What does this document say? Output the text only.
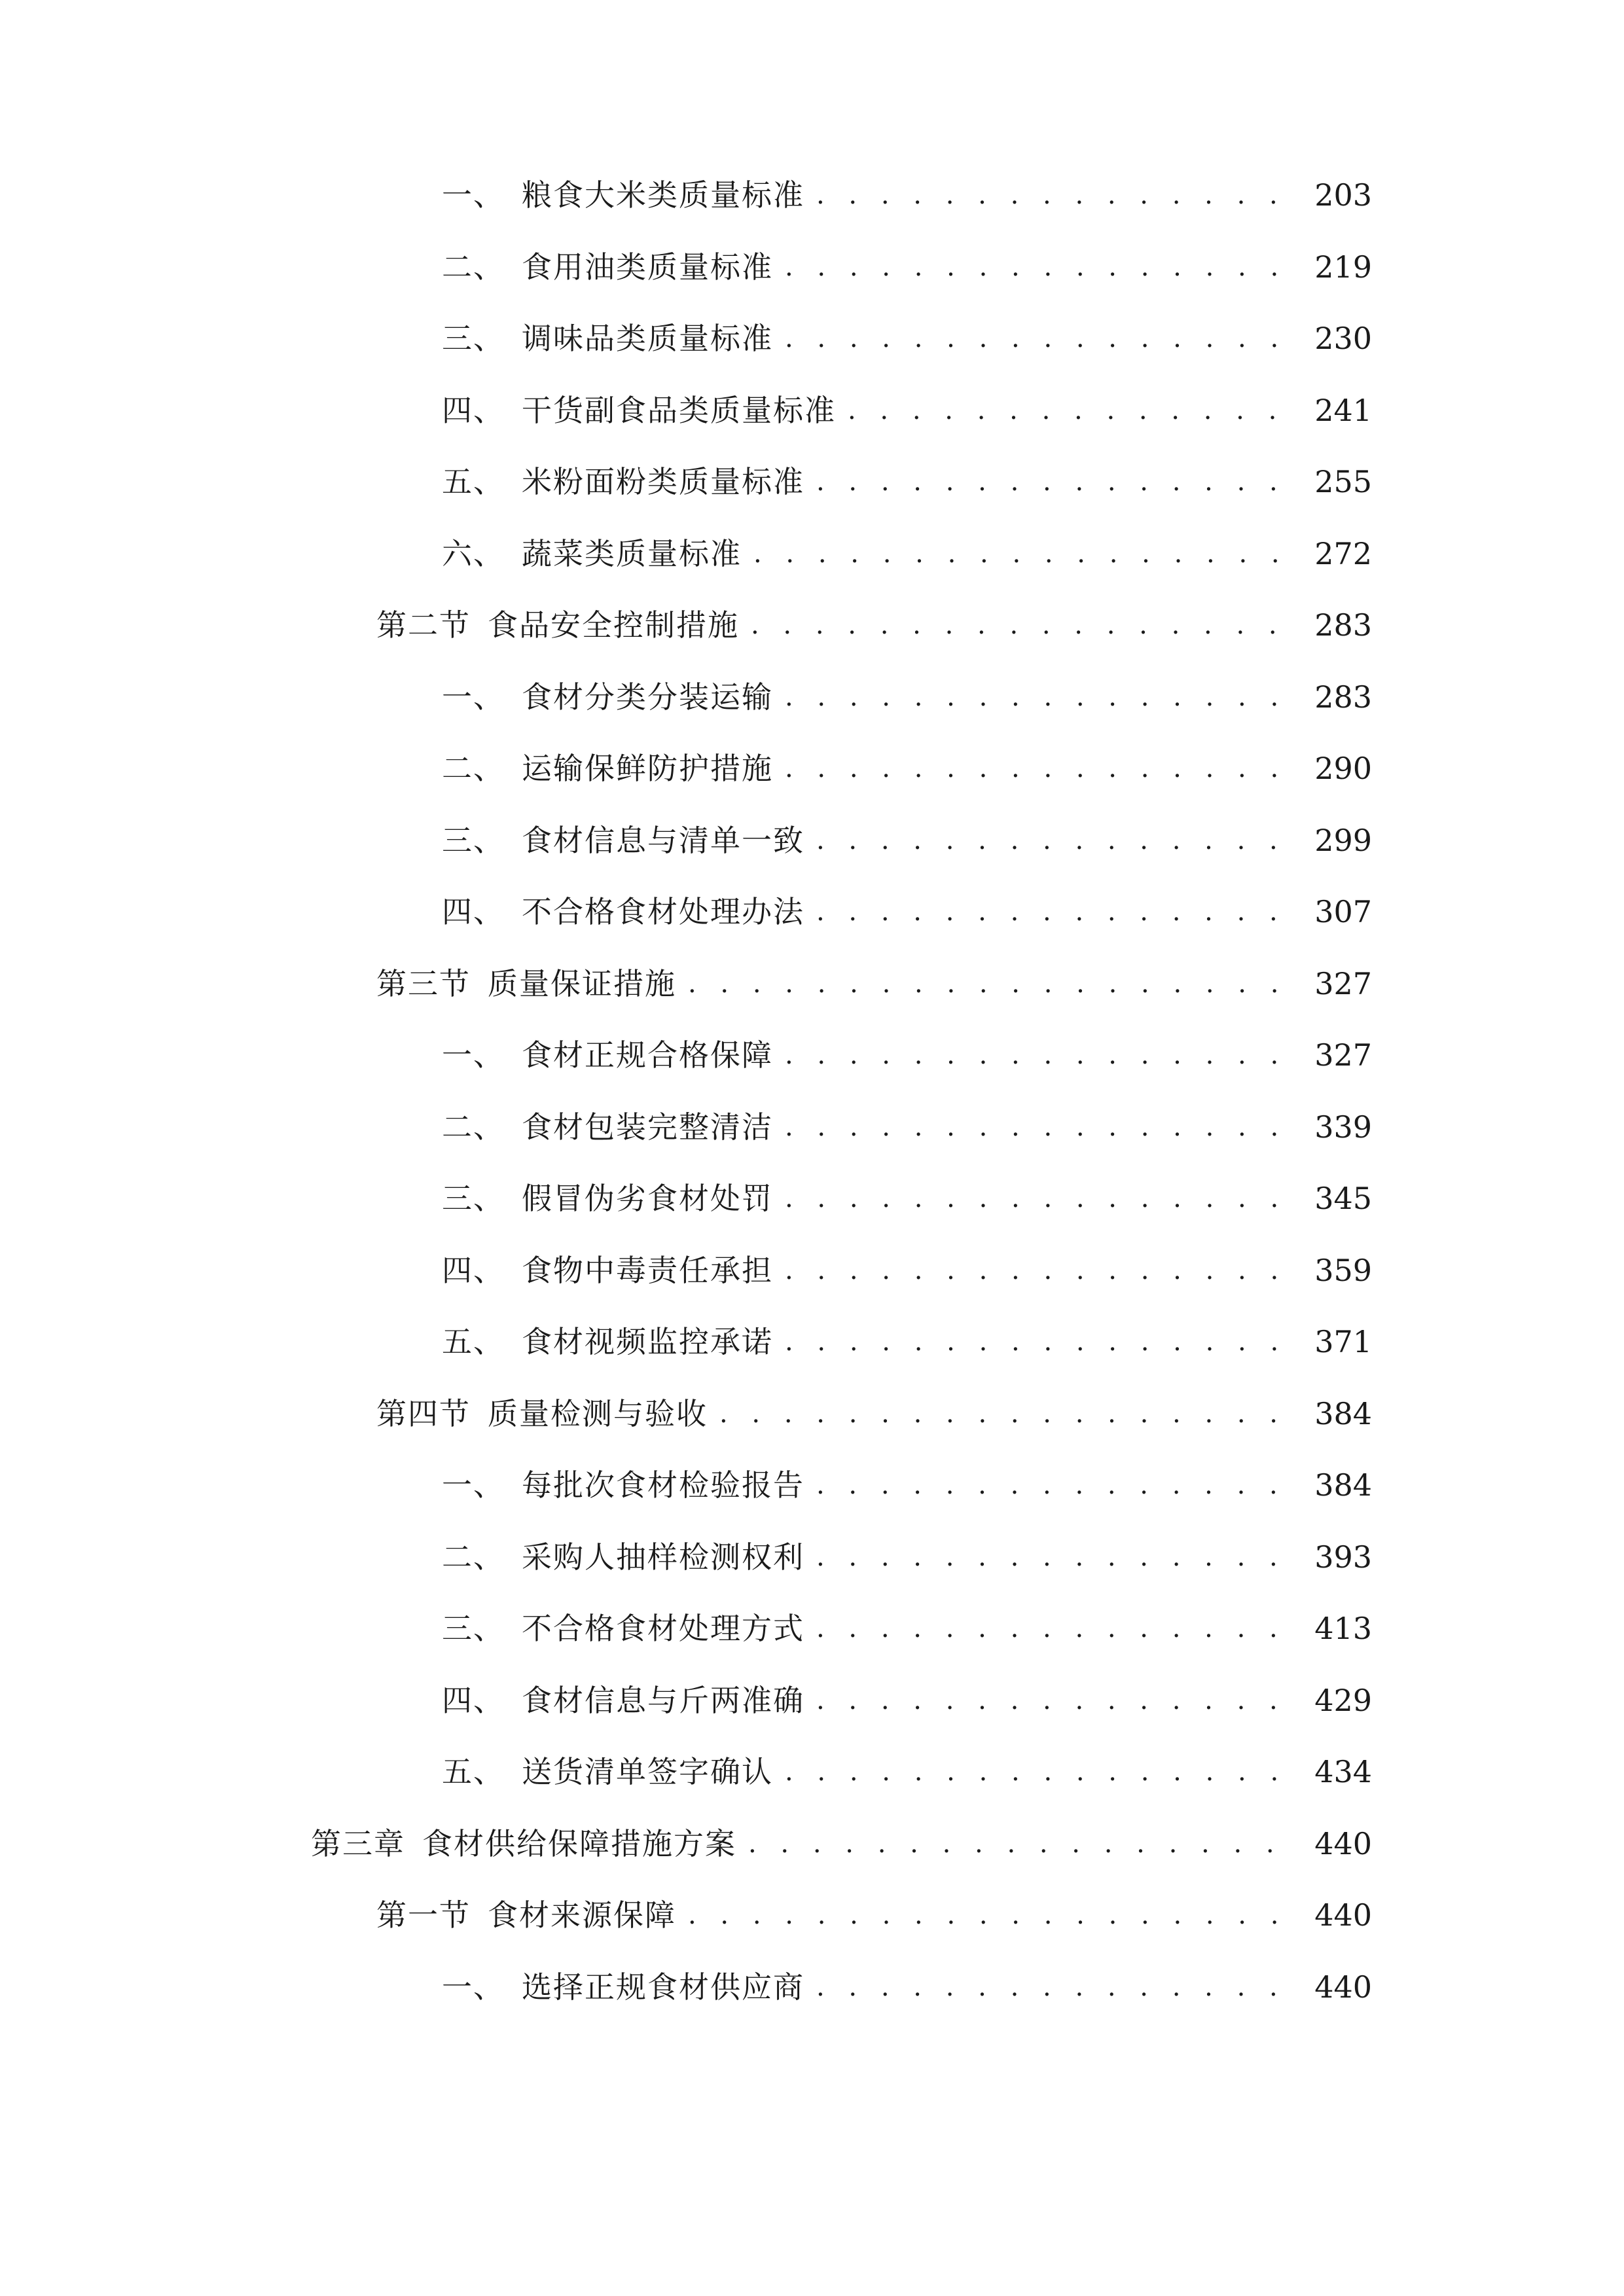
一、 粮食大米类质量标准 . . .	203
二、 食用油类质量标准 . . .	219
三、 调味品类质量标准 . . .	230
四、 干货副食品类质量标准 . . .	241
五、 米粉面粉类质量标准 . . .	255
六、 蔬菜类质量标准 . . .	272
第二节 食品安全控制措施 . . .	283
一、 食材分类分装运输 . . .	283
二、 运输保鲜防护措施 . . .	290
三、 食材信息与清单一致 . . .	299
四、 不合格食材处理办法 . . .	307
第三节 质量保证措施 . . .	327
一、 食材正规合格保障 . . .	327
二、 食材包装完整清洁 . . .	339
三、 假冒伪劣食材处罚 . . .	345
四、 食物中毒责任承担 . . .	359
五、 食材视频监控承诺 . . .	371
第四节 质量检测与验收 . . .	384
一、 每批次食材检验报告 . . .	384
二、 采购人抽样检测权利 . . .	393
三、 不合格食材处理方式 . . .	413
四、 食材信息与斤两准确 . . .	429
五、 送货清单签字确认 . . .	434
第三章 食材供给保障措施方案 . . .	440
第一节 食材来源保障 . . .	440
一、 选择正规食材供应商 . . .	440
